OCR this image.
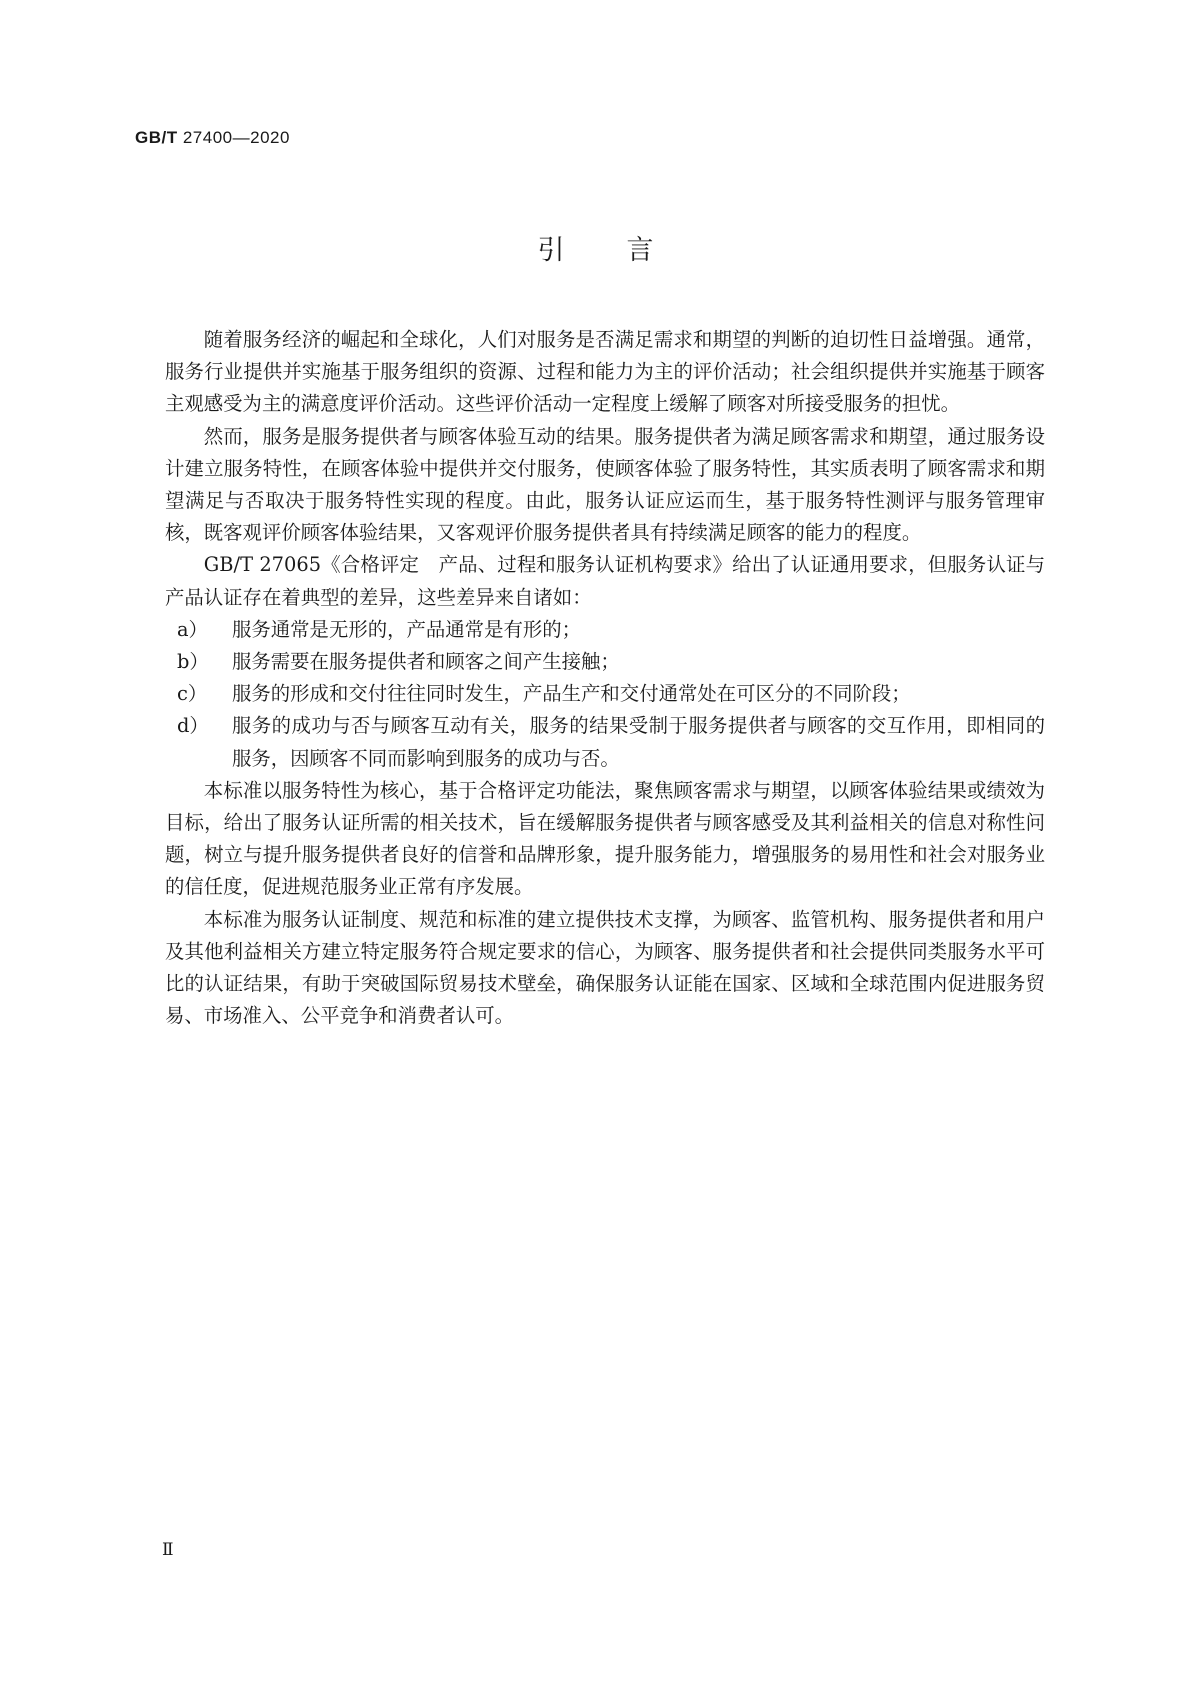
GB/T 27400—2020
引言

随着服务经济的崛起和全球化，人们对服务是否满足需求和期望的判断的迫切性日益增强。通常，服务行业提供并实施基于服务组织的资源、过程和能力为主的评价活动；社会组织提供并实施基于顾客主观感受为主的满意度评价活动。这些评价活动一定程度上缓解了顾客对所接受服务的担忧。

然而，服务是服务提供者与顾客体验互动的结果。服务提供者为满足顾客需求和期望，通过服务设计建立服务特性，在顾客体验中提供并交付服务，使顾客体验了服务特性，其实质表明了顾客需求和期望满足与否取决于服务特性实现的程度。由此，服务认证应运而生，基于服务特性测评与服务管理审核，既客观评价顾客体验结果，又客观评价服务提供者具有持续满足顾客的能力的程度。

GB/T 27065《合格评定　产品、过程和服务认证机构要求》给出了认证通用要求，但服务认证与产品认证存在着典型的差异，这些差异来自诸如：

a） 服务通常是无形的，产品通常是有形的；

b） 服务需要在服务提供者和顾客之间产生接触；

c） 服务的形成和交付往往同时发生，产品生产和交付通常处在可区分的不同阶段；

d） 服务的成功与否与顾客互动有关，服务的结果受制于服务提供者与顾客的交互作用，即相同的服务，因顾客不同而影响到服务的成功与否。

本标准以服务特性为核心，基于合格评定功能法，聚焦顾客需求与期望，以顾客体验结果或绩效为目标，给出了服务认证所需的相关技术，旨在缓解服务提供者与顾客感受及其利益相关的信息对称性问题，树立与提升服务提供者良好的信誉和品牌形象，提升服务能力，增强服务的易用性和社会对服务业的信任度，促进规范服务业正常有序发展。

本标准为服务认证制度、规范和标准的建立提供技术支撑，为顾客、监管机构、服务提供者和用户及其他利益相关方建立特定服务符合规定要求的信心，为顾客、服务提供者和社会提供同类服务水平可比的认证结果，有助于突破国际贸易技术壁垒，确保服务认证能在国家、区域和全球范围内促进服务贸易、市场准入、公平竞争和消费者认可。

Ⅱ
